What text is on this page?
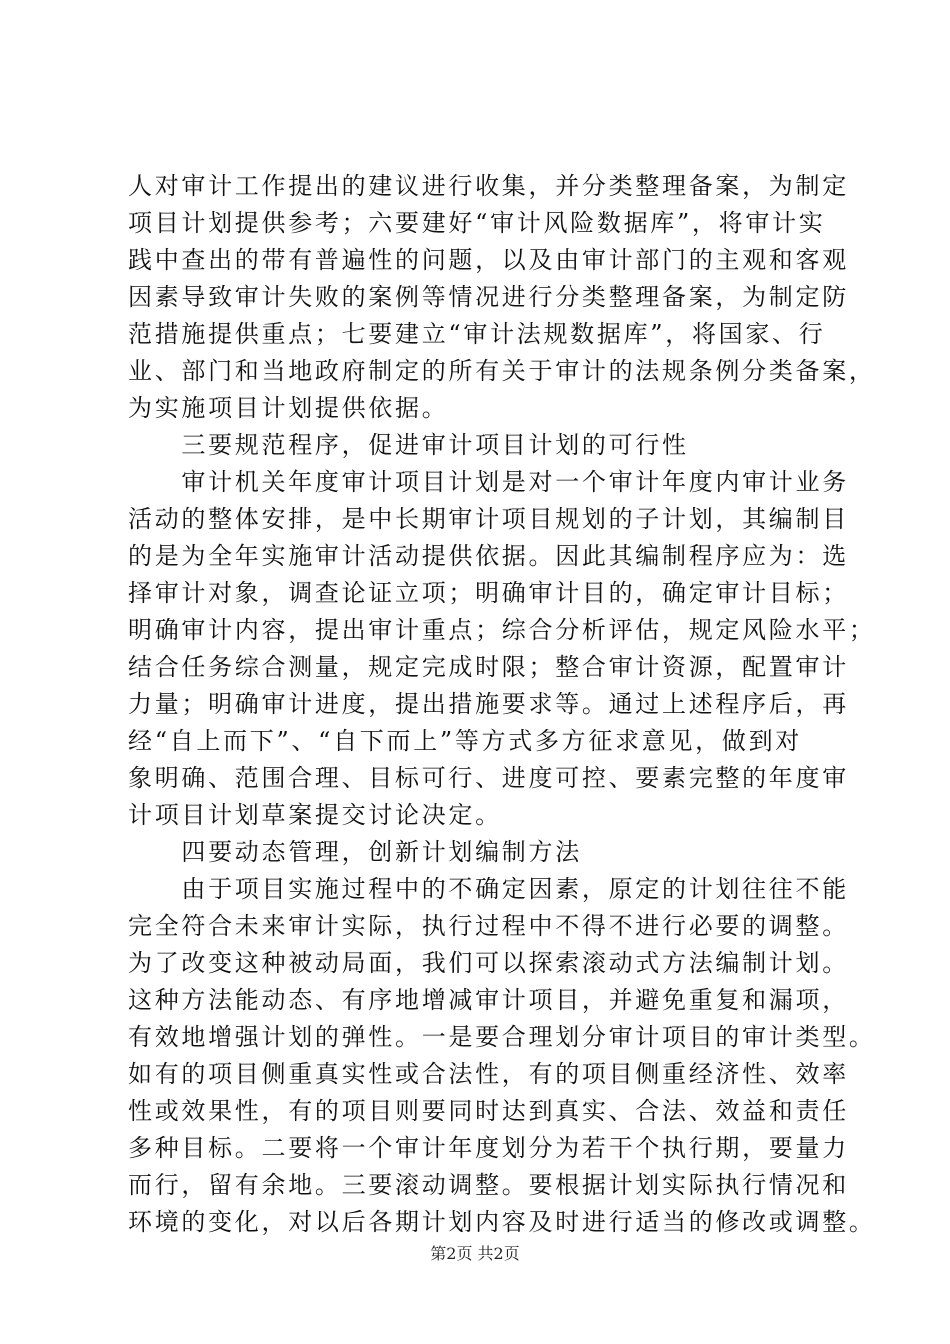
人对审计工作提出的建议进行收集，并分类整理备案，为制定
项目计划提供参考；六要建好“审计风险数据库”，将审计实
践中查出的带有普遍性的问题，以及由审计部门的主观和客观
因素导致审计失败的案例等情况进行分类整理备案，为制定防
范措施提供重点；七要建立“审计法规数据库”，将国家、行
业、部门和当地政府制定的所有关于审计的法规条例分类备案，
为实施项目计划提供依据。
　　三要规范程序，促进审计项目计划的可行性
　　审计机关年度审计项目计划是对一个审计年度内审计业务
活动的整体安排，是中长期审计项目规划的子计划，其编制目
的是为全年实施审计活动提供依据。因此其编制程序应为：选
择审计对象，调查论证立项；明确审计目的，确定审计目标；
明确审计内容，提出审计重点；综合分析评估，规定风险水平；
结合任务综合测量，规定完成时限；整合审计资源，配置审计
力量；明确审计进度，提出措施要求等。通过上述程序后，再
经“自上而下”、“自下而上”等方式多方征求意见，做到对
象明确、范围合理、目标可行、进度可控、要素完整的年度审
计项目计划草案提交讨论决定。
　　四要动态管理，创新计划编制方法
　　由于项目实施过程中的不确定因素，原定的计划往往不能
完全符合未来审计实际，执行过程中不得不进行必要的调整。
为了改变这种被动局面，我们可以探索滚动式方法编制计划。
这种方法能动态、有序地增减审计项目，并避免重复和漏项，
有效地增强计划的弹性。一是要合理划分审计项目的审计类型。
如有的项目侧重真实性或合法性，有的项目侧重经济性、效率
性或效果性，有的项目则要同时达到真实、合法、效益和责任
多种目标。二要将一个审计年度划分为若干个执行期，要量力
而行，留有余地。三要滚动调整。要根据计划实际执行情况和
环境的变化，对以后各期计划内容及时进行适当的修改或调整。
第2页 共2页
